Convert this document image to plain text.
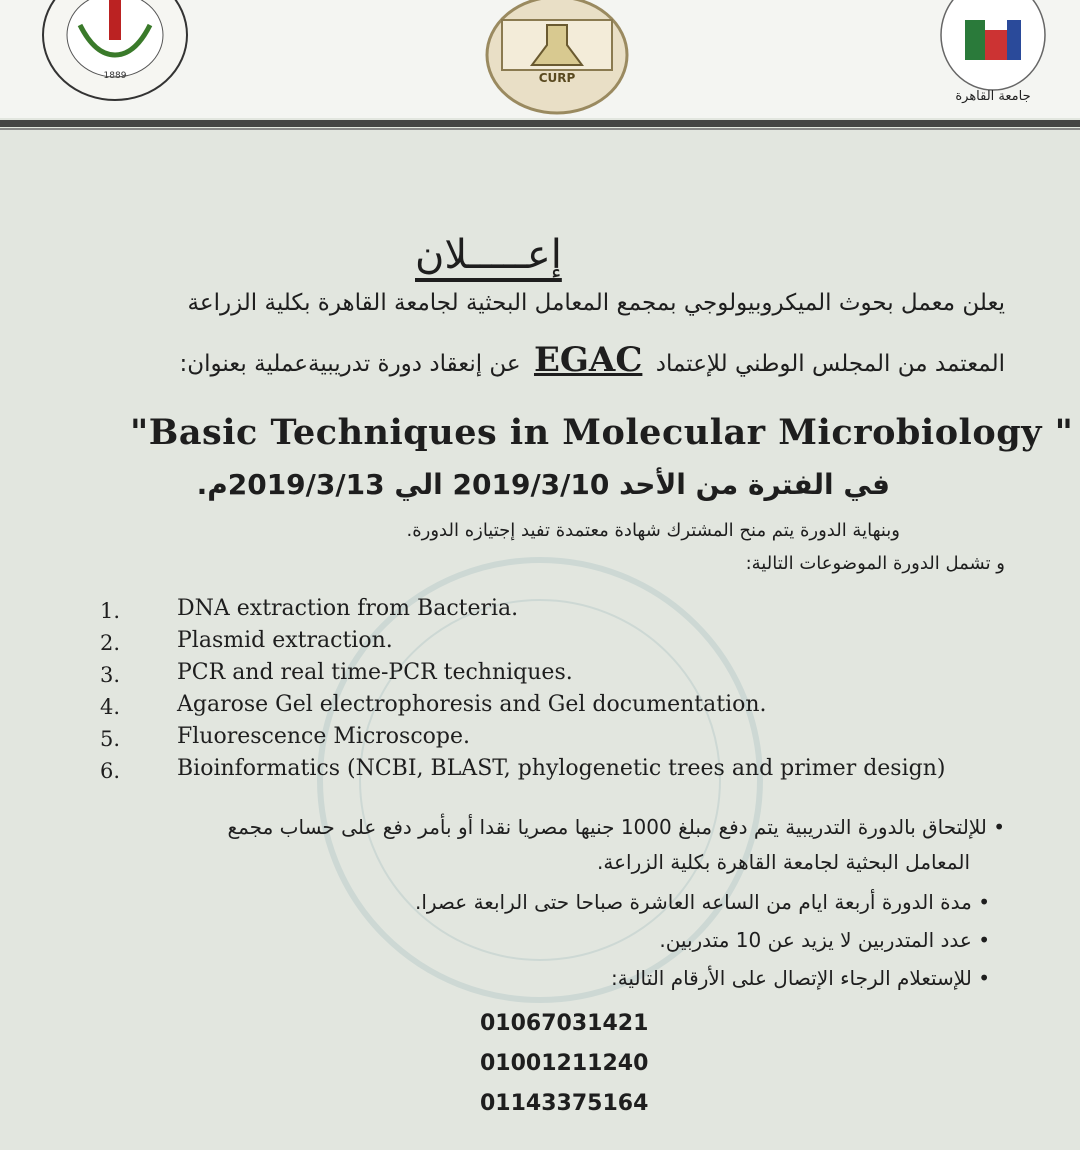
1889	CURP
جامعة القاهرة
إعـــــلان
يعلن معمل بحوث الميكروبيولوجي بمجمع المعامل البحثية لجامعة القاهرة بكلية الزراعة
المعتمد من المجلس الوطني للإعتماد EGAC عن إنعقاد دورة تدريبيةعملية بعنوان:
"Basic Techniques in Molecular Microbiology "
في الفترة من الأحد 2019/3/10 الي 2019/3/13م.
وبنهاية الدورة يتم منح المشترك شهادة معتمدة تفيد إجتيازه الدورة.
و تشمل الدورة الموضوعات التالية:
1.	DNA extraction from Bacteria.
2.	Plasmid extraction.
3.	PCR and real time-PCR techniques.
4.	Agarose Gel electrophoresis and Gel documentation.
5.	Fluorescence Microscope.
6.	Bioinformatics (NCBI, BLAST, phylogenetic trees and primer design)
• للإلتحاق بالدورة التدريبية يتم دفع مبلغ 1000 جنيها مصريا نقدا أو بأمر دفع على حساب مجمع
المعامل البحثية لجامعة القاهرة بكلية الزراعة.
• مدة الدورة أربعة ايام من الساعه العاشرة صباحا حتى الرابعة عصرا.
• عدد المتدربين لا يزيد عن 10 متدربين.
• للإستعلام الرجاء الإتصال على الأرقام التالية:
01067031421
01001211240
01143375164
